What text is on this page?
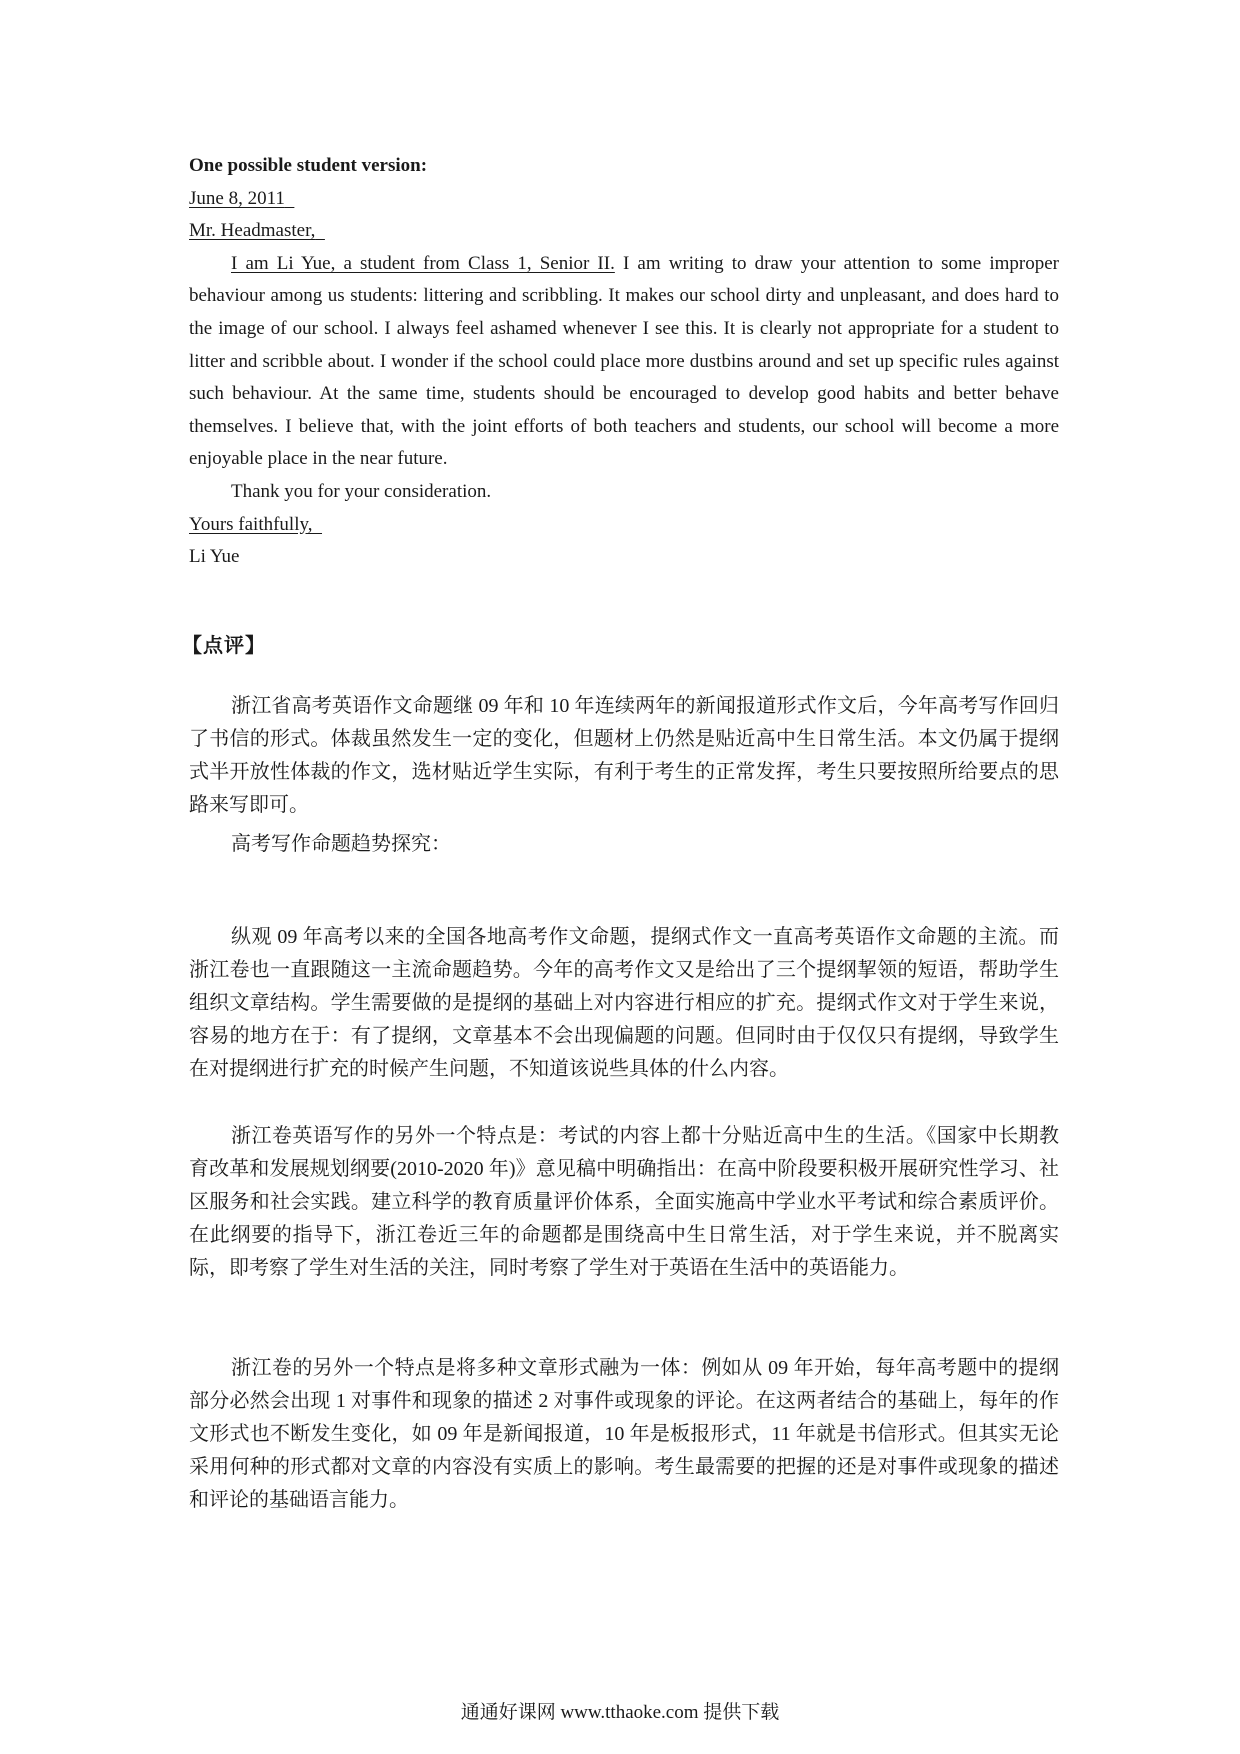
One possible student version:

June 8, 2011

Mr. Headmaster,

I am Li Yue, a student from Class 1, Senior II. I am writing to draw your attention to some improper behaviour among us students: littering and scribbling. It makes our school dirty and unpleasant, and does hard to the image of our school. I always feel ashamed whenever I see this. It is clearly not appropriate for a student to litter and scribble about. I wonder if the school could place more dustbins around and set up specific rules against such behaviour. At the same time, students should be encouraged to develop good habits and better behave themselves. I believe that, with the joint efforts of both teachers and students, our school will become a more enjoyable place in the near future.

Thank you for your consideration.

Yours faithfully,

Li Yue

【点评】

浙江省高考英语作文命题继 09 年和 10 年连续两年的新闻报道形式作文后，今年高考写作回归了书信的形式。体裁虽然发生一定的变化，但题材上仍然是贴近高中生日常生活。本文仍属于提纲式半开放性体裁的作文，选材贴近学生实际，有利于考生的正常发挥，考生只要按照所给要点的思路来写即可。

高考写作命题趋势探究：

纵观 09 年高考以来的全国各地高考作文命题，提纲式作文一直高考英语作文命题的主流。而浙江卷也一直跟随这一主流命题趋势。今年的高考作文又是给出了三个提纲挈领的短语，帮助学生组织文章结构。学生需要做的是提纲的基础上对内容进行相应的扩充。提纲式作文对于学生来说，容易的地方在于：有了提纲，文章基本不会出现偏题的问题。但同时由于仅仅只有提纲，导致学生在对提纲进行扩充的时候产生问题，不知道该说些具体的什么内容。

浙江卷英语写作的另外一个特点是：考试的内容上都十分贴近高中生的生活。《国家中长期教育改革和发展规划纲要(2010-2020 年)》意见稿中明确指出：在高中阶段要积极开展研究性学习、社区服务和社会实践。建立科学的教育质量评价体系，全面实施高中学业水平考试和综合素质评价。在此纲要的指导下，浙江卷近三年的命题都是围绕高中生日常生活，对于学生来说，并不脱离实际，即考察了学生对生活的关注，同时考察了学生对于英语在生活中的英语能力。

浙江卷的另外一个特点是将多种文章形式融为一体：例如从 09 年开始，每年高考题中的提纲部分必然会出现 1 对事件和现象的描述 2 对事件或现象的评论。在这两者结合的基础上，每年的作文形式也不断发生变化，如 09 年是新闻报道，10 年是板报形式，11 年就是书信形式。但其实无论采用何种的形式都对文章的内容没有实质上的影响。考生最需要的把握的还是对事件或现象的描述和评论的基础语言能力。

通通好课网 www.tthaoke.com 提供下载
